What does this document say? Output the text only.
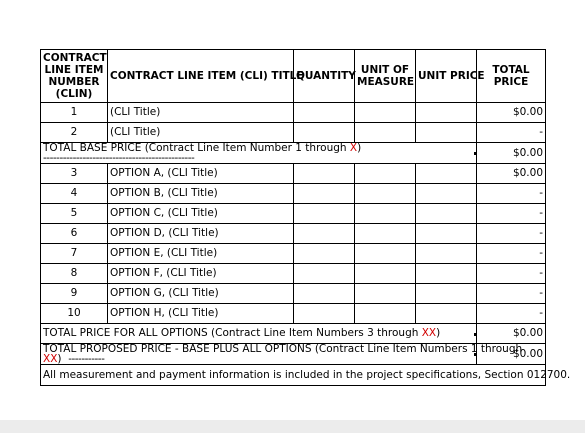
CONTRACT
LINE ITEM
NUMBER
(CLIN)	CONTRACT LINE ITEM (CLI) TITLE	QUANTITY	UNIT OF
MEASURE	UNIT PRICE	TOTAL
PRICE
1	(CLI Title)				$0.00
2	(CLI Title)				-
TOTAL BASE PRICE (Contract Line Item Number 1 through X)
----------------------------------------------					$0.00
3	OPTION A, (CLI Title)				$0.00
4	OPTION B, (CLI Title)				-
5	OPTION C, (CLI Title)				-
6	OPTION D, (CLI Title)				-
7	OPTION E, (CLI Title)				-
8	OPTION F, (CLI Title)				-
9	OPTION G, (CLI Title)				-
10	OPTION H, (CLI Title)				-
TOTAL PRICE FOR ALL OPTIONS (Contract Line Item Numbers 3 through XX)					$0.00
TOTAL PROPOSED PRICE - BASE PLUS ALL OPTIONS (Contract Line Item Numbers 1 through
XX) -----------					$0.00
All measurement and payment information is included in the project specifications, Section 012700.					
